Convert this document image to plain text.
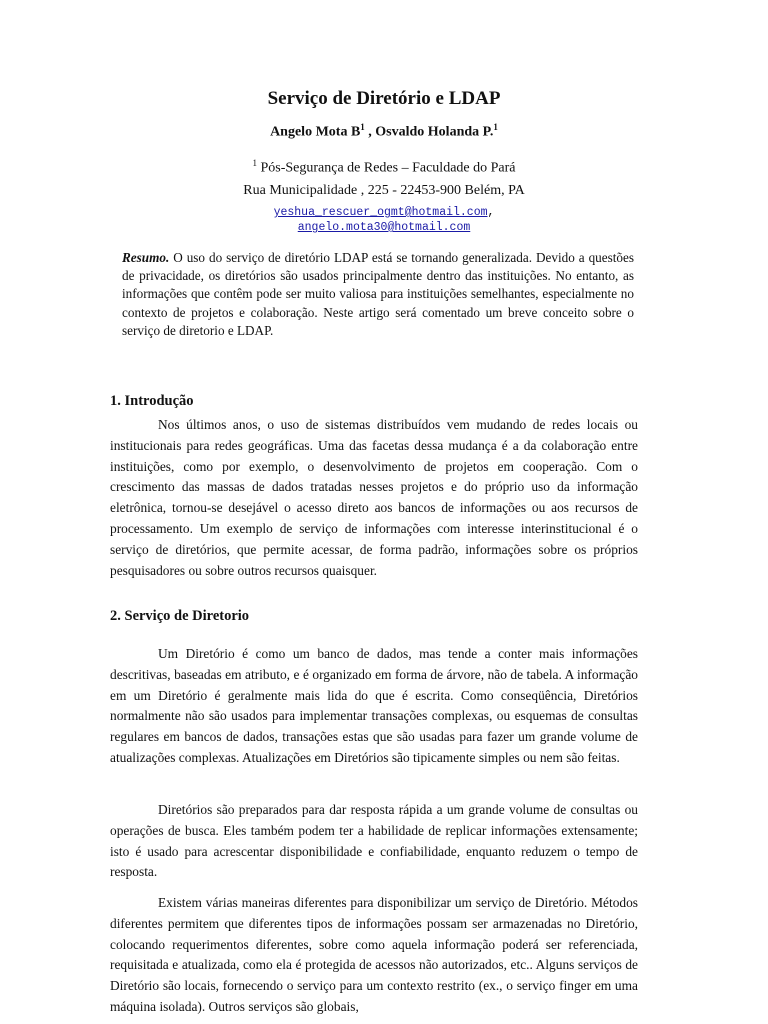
Serviço de Diretório e LDAP
Angelo Mota $B^1$ , Osvaldo Holanda P.$^1$
$^1$ Pós-Segurança de Redes – Faculdade do Pará
Rua Municipalidade , 225 - 22453-900 Belém, PA
yeshua_rescuer_ogmt@hotmail.com,
angelo.mota30@hotmail.com
Resumo. O uso do serviço de diretório LDAP está se tornando generalizada. Devido a questões de privacidade, os diretórios são usados principalmente dentro das instituições. No entanto, as informações que contêm pode ser muito valiosa para instituições semelhantes, especialmente no contexto de projetos e colaboração. Neste artigo será comentado um breve conceito sobre o serviço de diretorio e LDAP.
1. Introdução

Nos últimos anos, o uso de sistemas distribuídos vem mudando de redes locais ou institucionais para redes geográficas. Uma das facetas dessa mudança é a da colaboração entre instituições, como por exemplo, o desenvolvimento de projetos em cooperação. Com o crescimento das massas de dados tratadas nesses projetos e do próprio uso da informação eletrônica, tornou-se desejável o acesso direto aos bancos de informações ou aos recursos de processamento. Um exemplo de serviço de informações com interesse interinstitucional é o serviço de diretórios, que permite acessar, de forma padrão, informações sobre os próprios pesquisadores ou sobre outros recursos quaisquer.

2. Serviço de Diretorio

Um Diretório é como um banco de dados, mas tende a conter mais informações descritivas, baseadas em atributo, e é organizado em forma de árvore, não de tabela. A informação em um Diretório é geralmente mais lida do que é escrita. Como conseqüência, Diretórios normalmente não são usados para implementar transações complexas, ou esquemas de consultas regulares em bancos de dados, transações estas que são usadas para fazer um grande volume de atualizações complexas. Atualizações em Diretórios são tipicamente simples ou nem são feitas.

Diretórios são preparados para dar resposta rápida a um grande volume de consultas ou operações de busca. Eles também podem ter a habilidade de replicar informações extensamente; isto é usado para acrescentar disponibilidade e confiabilidade, enquanto reduzem o tempo de resposta.

Existem várias maneiras diferentes para disponibilizar um serviço de Diretório. Métodos diferentes permitem que diferentes tipos de informações possam ser armazenadas no Diretório, colocando requerimentos diferentes, sobre como aquela informação poderá ser referenciada, requisitada e atualizada, como ela é protegida de acessos não autorizados, etc.. Alguns serviços de Diretório são locais, fornecendo o serviço para um contexto restrito (ex., o serviço finger em uma máquina isolada). Outros serviços são globais,
